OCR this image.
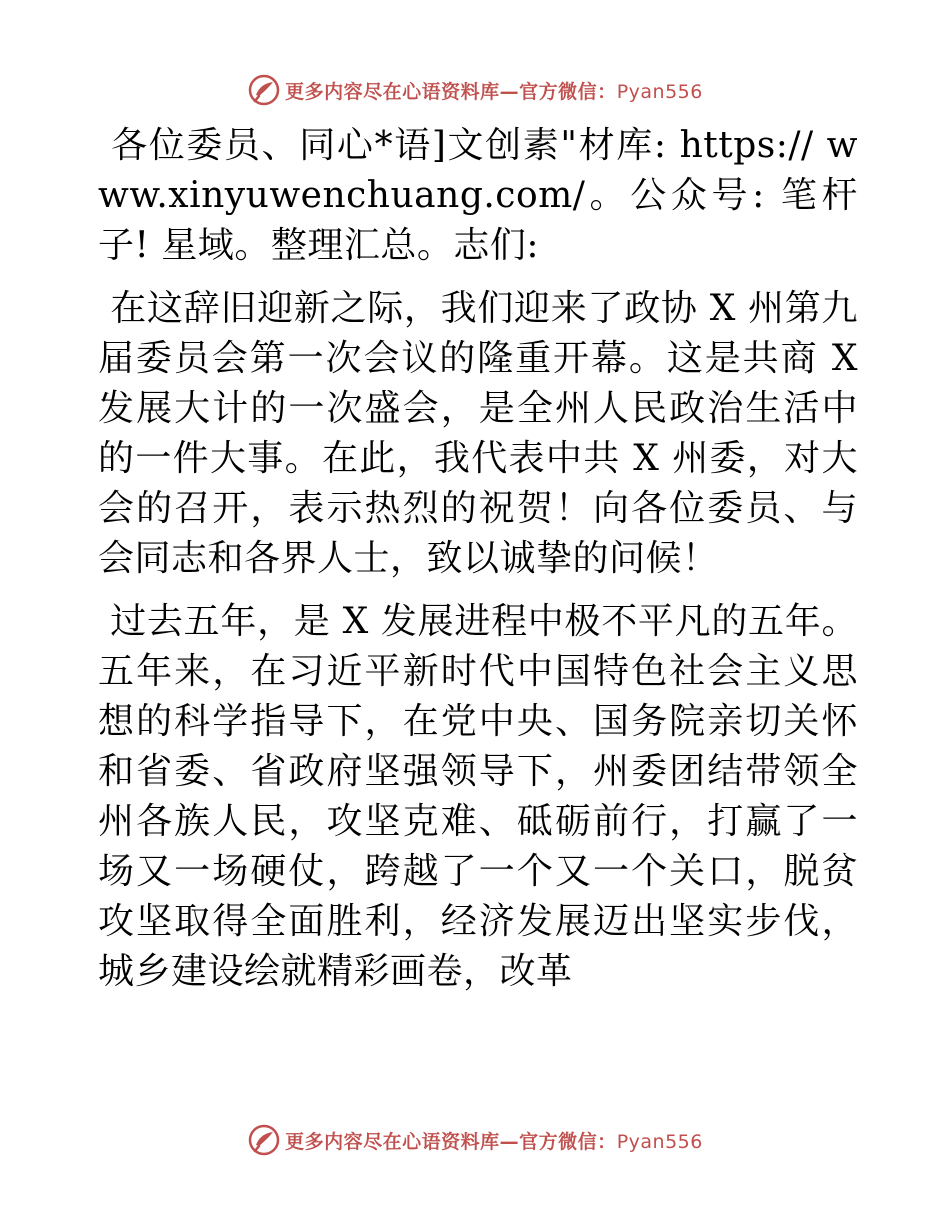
更多内容尽在心语资料库—官方微信：Pyan556

各位委员、同心*语]文创素"材库: https:// www.xinyuwenchuang.com/。公众号: 笔杆子! 星域。整理汇总。志们:

在这辞旧迎新之际，我们迎来了政协 X 州第九届委员会第一次会议的隆重开幕。这是共商 X 发展大计的一次盛会，是全州人民政治生活中的一件大事。在此，我代表中共 X 州委，对大会的召开，表示热烈的祝贺！向各位委员、与会同志和各界人士，致以诚挚的问候！

过去五年，是 X 发展进程中极不平凡的五年。五年来，在习近平新时代中国特色社会主义思想的科学指导下，在党中央、国务院亲切关怀和省委、省政府坚强领导下，州委团结带领全州各族人民，攻坚克难、砥砺前行，打赢了一场又一场硬仗，跨越了一个又一个关口，脱贫攻坚取得全面胜利，经济发展迈出坚实步伐，城乡建设绘就精彩画卷，改革

更多内容尽在心语资料库—官方微信：Pyan556
